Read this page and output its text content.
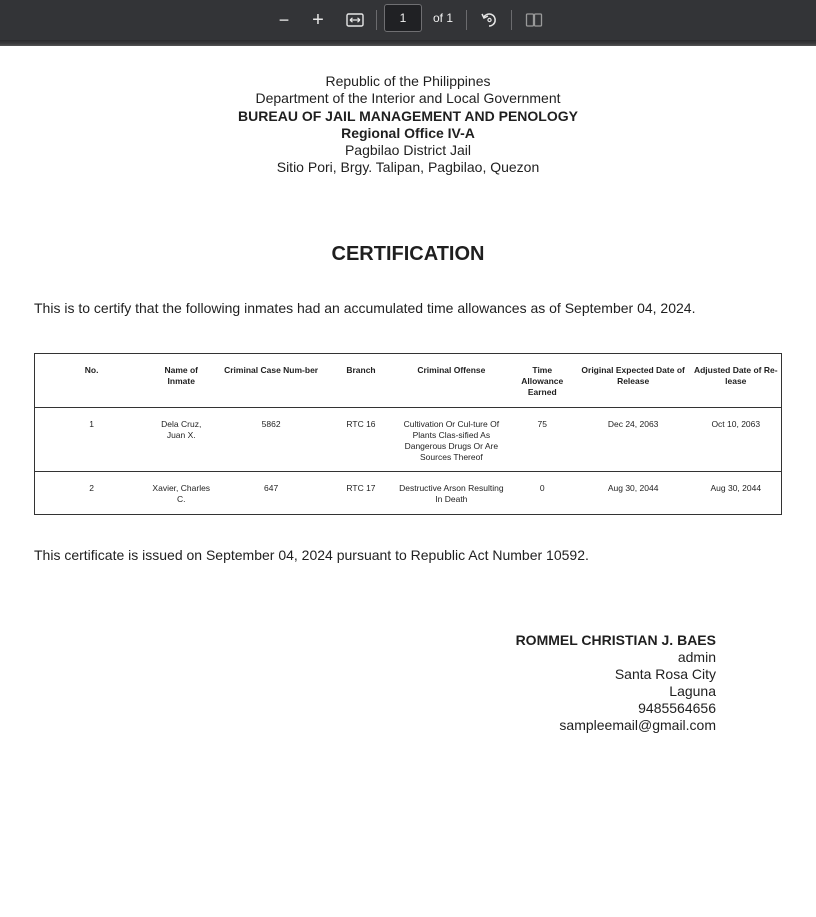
− +	1	of 1
Republic of the Philippines
Department of the Interior and Local Government
BUREAU OF JAIL MANAGEMENT AND PENOLOGY
Regional Office IV-A
Pagbilao District Jail
Sitio Pori, Brgy. Talipan, Pagbilao, Quezon
CERTIFICATION
This is to certify that the following inmates had an accumulated time allowances as of September 04, 2024.
No.	Name of Inmate	Criminal Case Num-ber	Branch	Criminal Offense	Time Allowance Earned	Original Expected Date of Release	Adjusted Date of Re-lease
1	Dela Cruz, Juan X.	5862	RTC 16	Cultivation Or Cul-ture Of Plants Clas-sified As Dangerous Drugs Or Are Sources Thereof	75	Dec 24, 2063	Oct 10, 2063
2	Xavier, Charles C.	647	RTC 17	Destructive Arson Resulting In Death	0	Aug 30, 2044	Aug 30, 2044
This certificate is issued on September 04, 2024 pursuant to Republic Act Number 10592.
ROMMEL CHRISTIAN J. BAES
admin
Santa Rosa City
Laguna
9485564656
sampleemail@gmail.com
